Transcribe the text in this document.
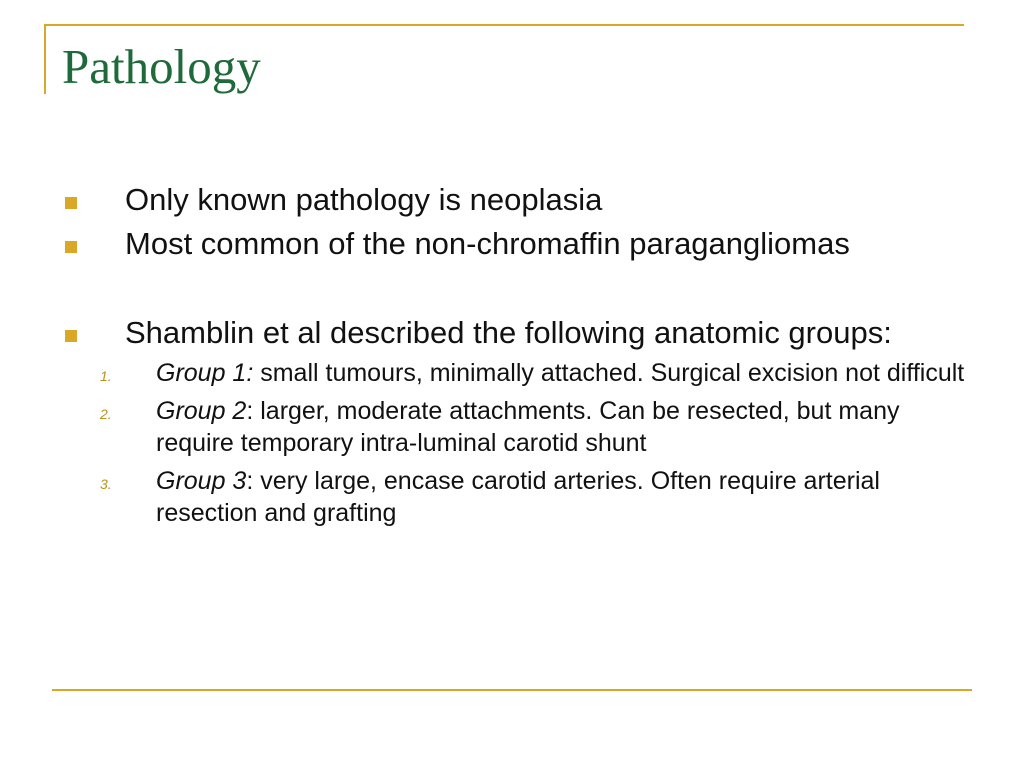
Pathology
Only known pathology is neoplasia
Most common of the non-chromaffin paragangliomas
Shamblin et al described the following anatomic groups:
1. Group 1: small tumours, minimally attached. Surgical excision not difficult
2. Group 2: larger, moderate attachments. Can be resected, but many require temporary intra-luminal carotid shunt
3. Group 3: very large, encase carotid arteries. Often require arterial resection and grafting
